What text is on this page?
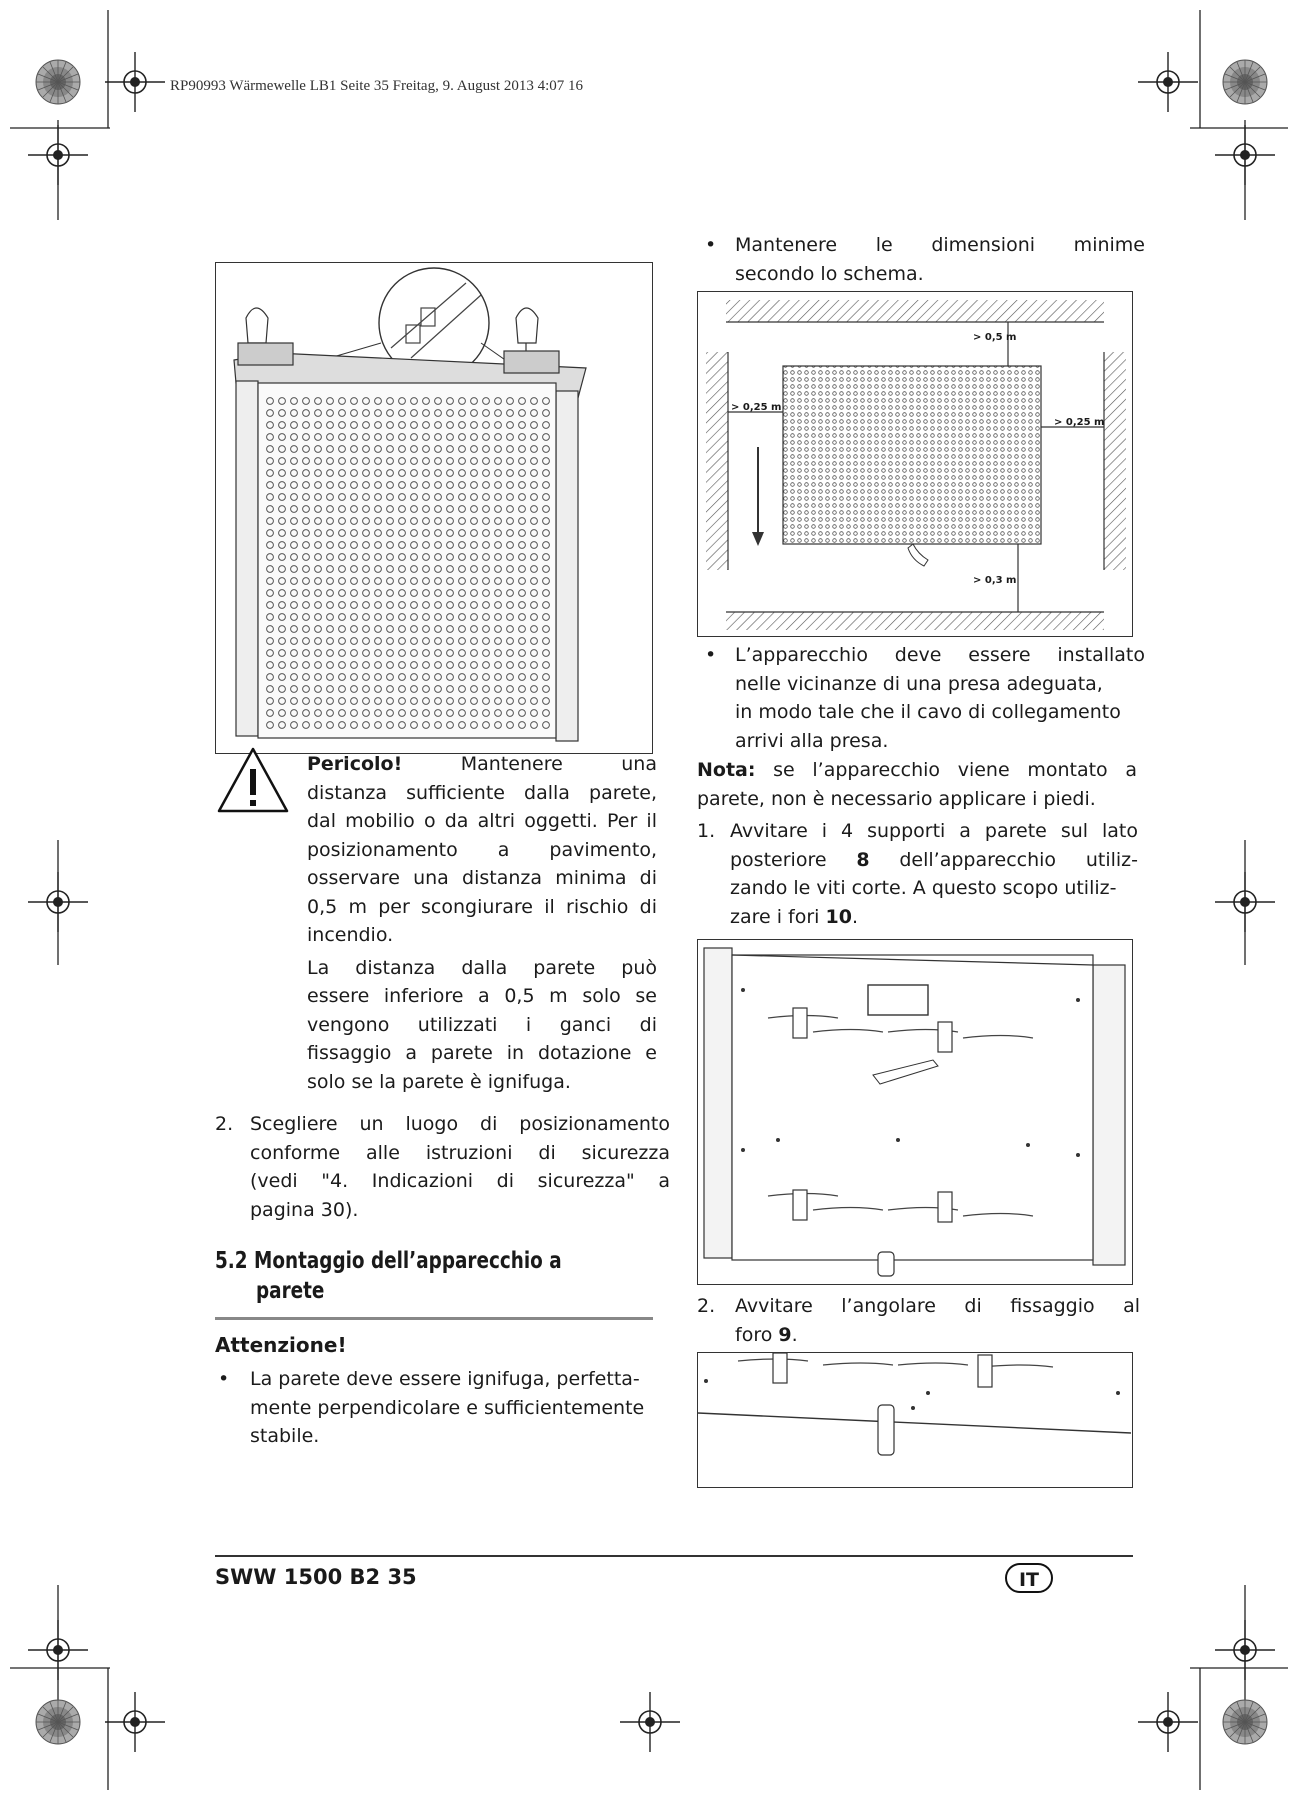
RP90993 Wärmewelle LB1 Seite 35 Freitag, 9. August 2013 4:07 16
Pericolo!	Mantenere una
distanza sufficiente dalla parete,
dal mobilio o da altri oggetti. Per il
posizionamento a pavimento,
osservare una distanza minima di
0,5 m per scongiurare il rischio di
incendio.
La distanza dalla parete può
essere inferiore a 0,5 m solo se
vengono utilizzati i ganci di
fissaggio a parete in dotazione e
solo se la parete è ignifuga.
2. Scegliere un luogo di posizionamento
conforme alle istruzioni di sicurezza
(vedi "4. Indicazioni di sicurezza" a
pagina 30).
5.2 Montaggio dell’apparecchio a
parete
Attenzione!
•	La parete deve essere ignifuga, perfetta-
mente perpendicolare e sufficientemente
stabile.
• Mantenere le dimensioni minime
secondo lo schema.
> 0,5 m
> 0,25 m
> 0,25 m
> 0,3 m
• L’apparecchio deve essere installato
nelle vicinanze di una presa adeguata,
in modo tale che il cavo di collegamento
arrivi alla presa.
Nota: se l’apparecchio viene montato a
parete, non è necessario applicare i piedi.
1. Avvitare i 4 supporti a parete sul lato
posteriore 8 dell’apparecchio utiliz-
zando le viti corte. A questo scopo utiliz-
zare i fori 10.
2.	Avvitare l’angolare di fissaggio al
foro 9.
SWW 1500 B2 35	IT
